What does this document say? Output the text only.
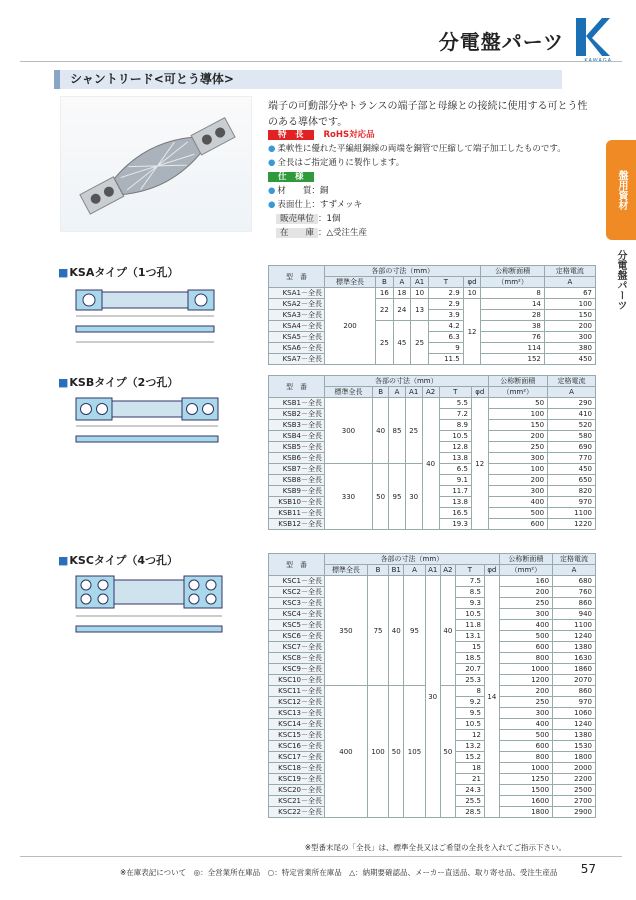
分電盤パーツ
盤用資材
分電盤パーツ
シャントリード<可とう導体>
端子の可動部分やトランスの端子部と母線との接続に使用する可とう性のある導体です。
特　長 RoHS対応品
● 柔軟性に優れた平編組銅線の両端を銅管で圧縮して端子加工したものです。
● 全長はご指定通りに製作します。
仕　様
● 材　　質：銅
● 表面仕上：すずメッキ
販売単位 ：1個
在　　庫 ：△受注生産
■ KSAタイプ（1つ孔）	型　番	各部の寸法（mm）						公称断面積	定格電流
	標準全長	B	A	A1	T	φd	（mm²）	A
KSA1－全長	200	16	18	10	2.9	10	8	67
KSA2－全長		22	24	13	2.9	12	14	100
KSA3－全長					3.9		28	150
KSA4－全長		25	45	25	4.2		38	200
KSA5－全長					6.3		76	300
KSA6－全長					9		114	380
KSA7－全長					11.5		152	450
■ KSBタイプ（2つ孔）	型　番	各部の寸法（mm）							公称断面積	定格電流
	標準全長	B	A	A1	A2	T	φd	（mm²）	A
KSB1－全長	300	40	85	25	40	5.5	12	50	290
KSB2－全長						7.2		100	410
KSB3－全長						8.9		150	520
KSB4－全長						10.5		200	580
KSB5－全長						12.8		250	690
KSB6－全長						13.8		300	770
KSB7－全長	330	50	95	30		6.5		100	450
KSB8－全長						9.1		200	650
KSB9－全長						11.7		300	820
KSB10－全長						13.8		400	970
KSB11－全長						16.5		500	1100
KSB12－全長						19.3		600	1220
■ KSCタイプ（4つ孔）	型　番	各部の寸法（mm）								公称断面積	定格電流
	標準全長	B	B1	A	A1	A2	T	φd	（mm²）	A
KSC1－全長	350	75	40	95	30	40	7.5	14	160	680
KSC2－全長							8.5		200	760
KSC3－全長							9.3		250	860
KSC4－全長							10.5		300	940
KSC5－全長							11.8		400	1100
KSC6－全長							13.1		500	1240
KSC7－全長							15		600	1380
KSC8－全長							18.5		800	1630
KSC9－全長							20.7		1000	1860
KSC10－全長							25.3		1200	2070
KSC11－全長	400	100	50	105		50	8		200	860
KSC12－全長							9.2		250	970
KSC13－全長							9.5		300	1060
KSC14－全長							10.5		400	1240
KSC15－全長							12		500	1380
KSC16－全長							13.2		600	1530
KSC17－全長							15.2		800	1800
KSC18－全長							18		1000	2000
KSC19－全長							21		1250	2200
KSC20－全長							24.3		1500	2500
KSC21－全長							25.5		1600	2700
KSC22－全長							28.5		1800	2900
※型番末尾の「全長」は、標準全長又はご希望の全長を入れてご指示下さい。
※在庫表記について　◎：全営業所在庫品　○：特定営業所在庫品　△：納期要確認品、メーカー直送品、取り寄せ品、受注生産品 57
